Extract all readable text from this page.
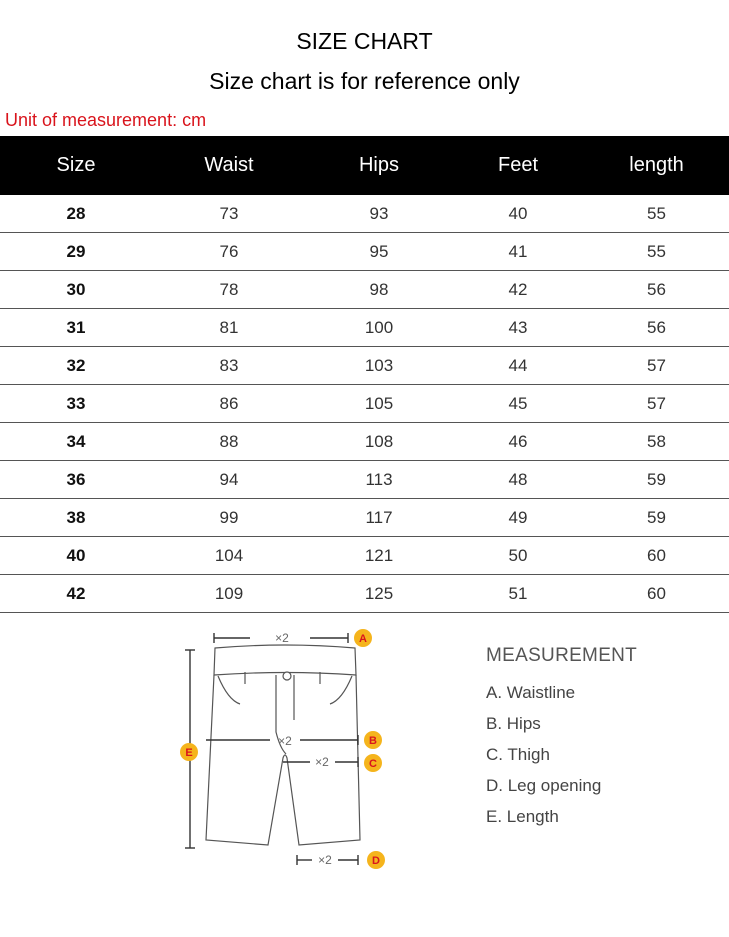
SIZE CHART
Size chart is for reference only
Unit of measurement: cm
Size	Waist	Hips	Feet	length
28	73	93	40	55
29	76	95	41	55
30	78	98	42	56
31	81	100	43	56
32	83	103	44	57
33	86	105	45	57
34	88	108	46	58
36	94	113	48	59
38	99	117	49	59
40	104	121	50	60
42	109	125	51	60
×2
×2
×2
×2
A
B
C
D
E
MEASUREMENT
A. Waistline
B. Hips
C. Thigh
D. Leg opening
E. Length
